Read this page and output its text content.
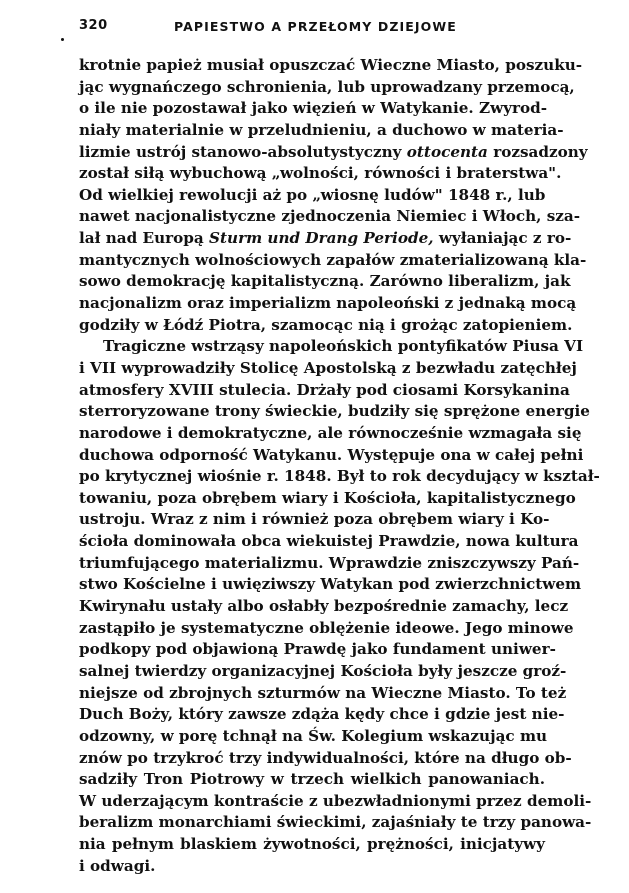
320	PAPIESTWO A PRZEŁOMY DZIEJOWE
krotnie papież musiał opuszczać Wieczne Miasto, poszuku-
jąc wygnańczego schronienia, lub uprowadzany przemocą,
o ile nie pozostawał jako więzień w Watykanie. Zwyrod-
niały materialnie w przeludnieniu, a duchowo w materia-
lizmie ustrój stanowo-absolutystyczny ottocenta rozsadzony
został siłą wybuchową „wolności, równości i braterstwa".
Od wielkiej rewolucji aż po „wiosnę ludów" 1848 r., lub
nawet nacjonalistyczne zjednoczenia Niemiec i Włoch, sza-
lał nad Europą Sturm und Drang Periode, wyłaniając z ro-
mantycznych wolnościowych zapałów zmaterializowaną kla-
sowo demokrację kapitalistyczną. Zarówno liberalizm, jak
nacjonalizm oraz imperializm napoleoński z jednaką mocą
godziły w Łódź Piotra, szamocąc nią i grożąc zatopieniem.
Tragiczne wstrząsy napoleońskich pontyfikatów Piusa VI
i VII wyprowadziły Stolicę Apostolską z bezwładu zatęchłej
atmosfery XVIII stulecia. Drżały pod ciosami Korsykanina
sterroryzowane trony świeckie, budziły się sprężone energie
narodowe i demokratyczne, ale równocześnie wzmagała się
duchowa odporność Watykanu. Występuje ona w całej pełni
po krytycznej wiośnie r. 1848. Był to rok decydujący w kształ-
towaniu, poza obrębem wiary i Kościoła, kapitalistycznego
ustroju. Wraz z nim i również poza obrębem wiary i Ko-
ścioła dominowała obca wiekuistej Prawdzie, nowa kultura
triumfującego materializmu. Wprawdzie zniszczywszy Pań-
stwo Kościelne i uwięziwszy Watykan pod zwierzchnictwem
Kwirynału ustały albo osłabły bezpośrednie zamachy, lecz
zastąpiło je systematyczne oblężenie ideowe. Jego minowe
podkopy pod objawioną Prawdę jako fundament uniwer-
salnej twierdzy organizacyjnej Kościoła były jeszcze groź-
niejsze od zbrojnych szturmów na Wieczne Miasto. To też
Duch Boży, który zawsze zdąża kędy chce i gdzie jest nie-
odzowny, w porę tchnął na Św. Kolegium wskazując mu
znów po trzykroć trzy indywidualności, które na długo ob-
sadziły Tron Piotrowy w trzech wielkich panowaniach.
W uderzającym kontraście z ubezwładnionymi przez demoli-
beralizm monarchiami świeckimi, zajaśniały te trzy panowa-
nia pełnym blaskiem żywotności, prężności, inicjatywy
i odwagi.
